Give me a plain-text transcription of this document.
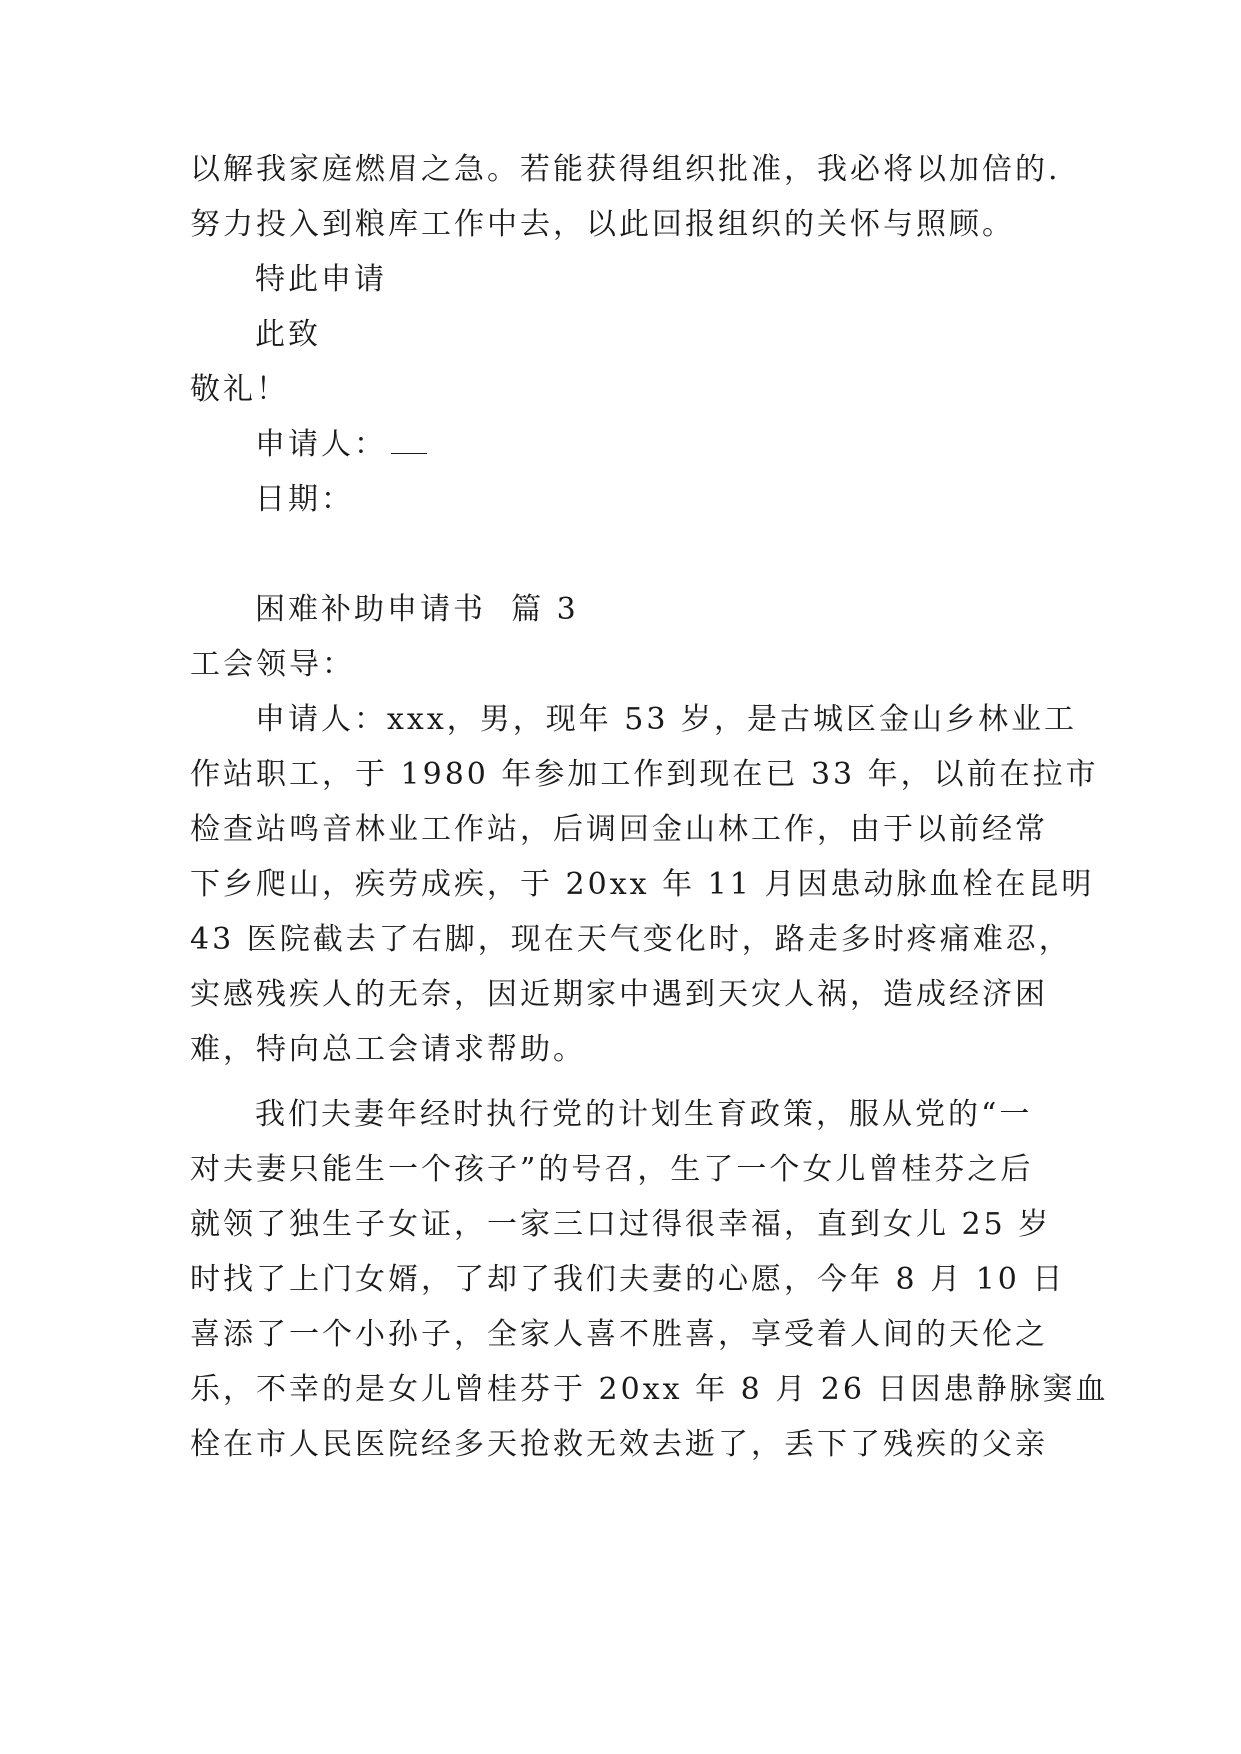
以解我家庭燃眉之急。若能获得组织批准，我必将以加倍的.
努力投入到粮库工作中去，以此回报组织的关怀与照顾。
特此申请
此致
敬礼！
申请人：
日期：
困难补助申请书  篇 3
工会领导：
申请人：xxx，男，现年 53 岁，是古城区金山乡林业工
作站职工，于 1980 年参加工作到现在已 33 年，以前在拉市
检查站鸣音林业工作站，后调回金山林工作，由于以前经常
下乡爬山，疾劳成疾，于 20xx 年 11 月因患动脉血栓在昆明
43 医院截去了右脚，现在天气变化时，路走多时疼痛难忍，
实感残疾人的无奈，因近期家中遇到天灾人祸，造成经济困
难，特向总工会请求帮助。
我们夫妻年经时执行党的计划生育政策，服从党的“一
对夫妻只能生一个孩子”的号召，生了一个女儿曾桂芬之后
就领了独生子女证，一家三口过得很幸福，直到女儿 25 岁
时找了上门女婿，了却了我们夫妻的心愿，今年 8 月 10 日
喜添了一个小孙子，全家人喜不胜喜，享受着人间的天伦之
乐，不幸的是女儿曾桂芬于 20xx 年 8 月 26 日因患静脉窦血
栓在市人民医院经多天抢救无效去逝了，丢下了残疾的父亲
